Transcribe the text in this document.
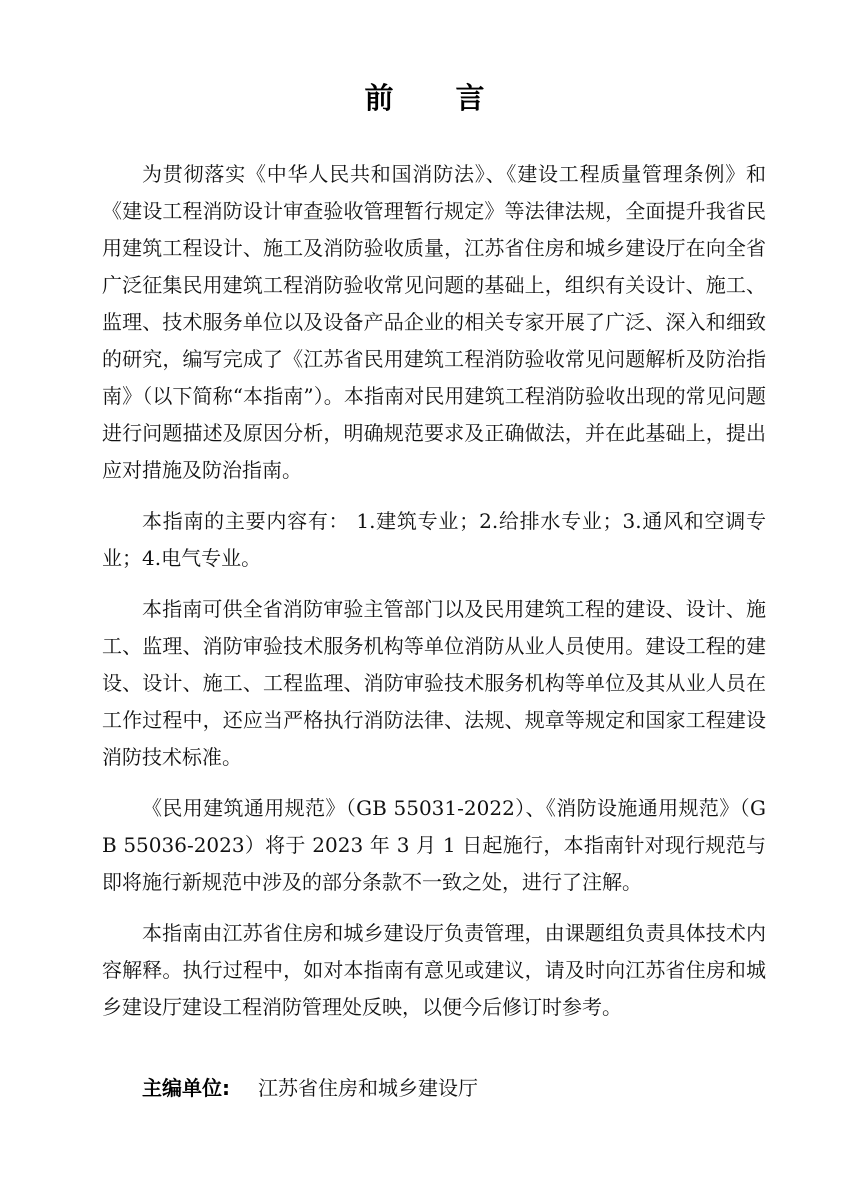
前 言

为贯彻落实《中华人民共和国消防法》、《建设工程质量管理条例》和《建设工程消防设计审查验收管理暂行规定》等法律法规，全面提升我省民用建筑工程设计、施工及消防验收质量，江苏省住房和城乡建设厅在向全省广泛征集民用建筑工程消防验收常见问题的基础上，组织有关设计、施工、监理、技术服务单位以及设备产品企业的相关专家开展了广泛、深入和细致的研究，编写完成了《江苏省民用建筑工程消防验收常见问题解析及防治指南》（以下简称“本指南”）。本指南对民用建筑工程消防验收出现的常见问题进行问题描述及原因分析，明确规范要求及正确做法，并在此基础上，提出应对措施及防治指南。

本指南的主要内容有： 1.建筑专业；2.给排水专业；3.通风和空调专业；4.电气专业。

本指南可供全省消防审验主管部门以及民用建筑工程的建设、设计、施工、监理、消防审验技术服务机构等单位消防从业人员使用。建设工程的建设、设计、施工、工程监理、消防审验技术服务机构等单位及其从业人员在工作过程中，还应当严格执行消防法律、法规、规章等规定和国家工程建设消防技术标准。

《民用建筑通用规范》（GB 55031-2022）、《消防设施通用规范》（GB 55036-2023）将于 2023 年 3 月 1 日起施行，本指南针对现行规范与即将施行新规范中涉及的部分条款不一致之处，进行了注解。

本指南由江苏省住房和城乡建设厅负责管理，由课题组负责具体技术内容解释。执行过程中，如对本指南有意见或建议，请及时向江苏省住房和城乡建设厅建设工程消防管理处反映，以便今后修订时参考。

主编单位: 江苏省住房和城乡建设厅
